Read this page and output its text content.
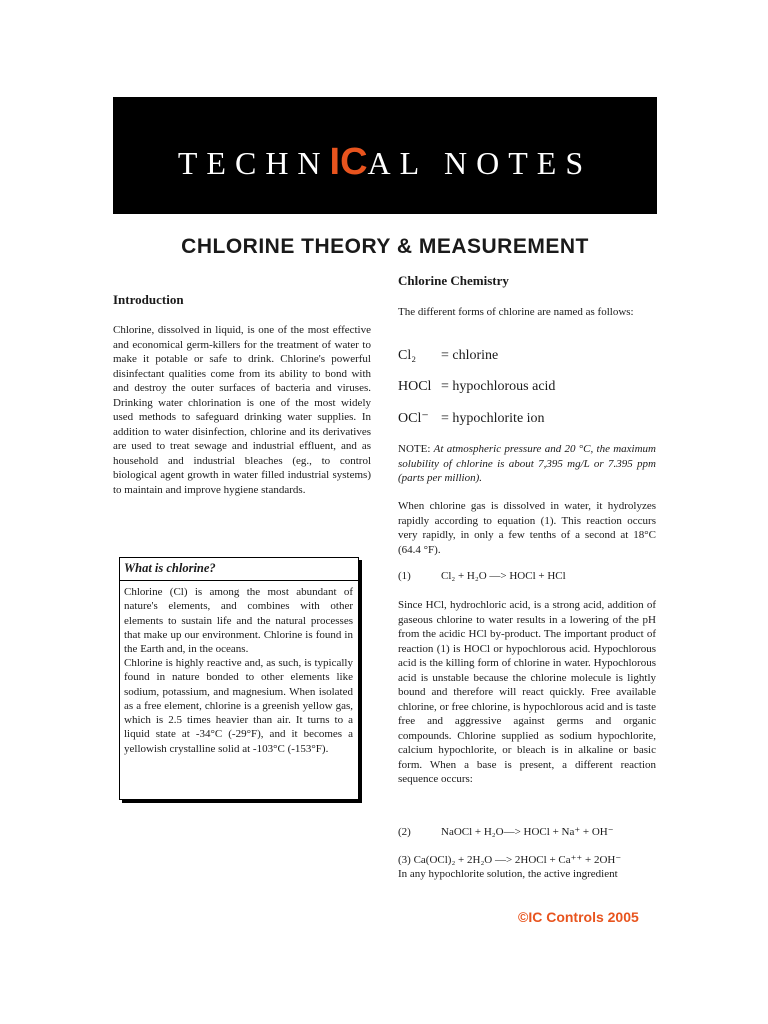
TECHNICAL NOTES
Issue 8-2
CHLORINE THEORY & MEASUREMENT
Introduction
Chlorine, dissolved in liquid, is one of the most effective and economical germ-killers for the treatment of water to make it potable or safe to drink. Chlorine's powerful disinfectant qualities come from its ability to bond with and destroy the outer surfaces of bacteria and viruses. Drinking water chlorination is one of the most widely used methods to safeguard drinking water supplies. In addition to water disinfection, chlorine and its derivatives are used to treat sewage and industrial effluent, and as household and industrial bleaches (eg., to control biological agent growth in water filled industrial systems) to maintain and improve hygiene standards.
What is chlorine?
Chlorine (Cl) is among the most abundant of nature's elements, and combines with other elements to sustain life and the natural processes that make up our environment. Chlorine is found in the Earth and, in the oceans.
Chlorine is highly reactive and, as such, is typically found in nature bonded to other elements like sodium, potassium, and magnesium. When isolated as a free element, chlorine is a greenish yellow gas, which is 2.5 times heavier than air. It turns to a liquid state at -34°C (-29°F), and it becomes a yellowish crystalline solid at -103°C (-153°F).
Chlorine Chemistry
The different forms of chlorine are named as follows:
Cl₂ = chlorine
HOCl = hypochlorous acid
OCl⁻ = hypochlorite ion
NOTE: At atmospheric pressure and 20 °C, the maximum solubility of chlorine is about 7,395 mg/L or 7.395 ppm (parts per million).
When chlorine gas is dissolved in water, it hydrolyzes rapidly according to equation (1). This reaction occurs very rapidly, in only a few tenths of a second at 18°C (64.4 °F).
(1)	Cl₂ + H₂O —> HOCl + HCl
Since HCl, hydrochloric acid, is a strong acid, addition of gaseous chlorine to water results in a lowering of the pH from the acidic HCl by-product. The important product of reaction (1) is HOCl or hypochlorous acid. Hypochlorous acid is the killing form of chlorine in water. Hypochlorous acid is unstable because the chlorine molecule is lightly bound and therefore will react quickly. Free available chlorine, or free chlorine, is hypochlorous acid and is taste free and aggressive against germs and organic compounds. Chlorine supplied as sodium hypochlorite, calcium hypochlorite, or bleach is in alkaline or basic form. When a base is present, a different reaction sequence occurs:
(2)	NaOCl + H₂O—> HOCl + Na⁺ + OH⁻
(3) Ca(OCl)₂ + 2H₂O —> 2HOCl + Ca⁺⁺ + 2OH⁻
In any hypochlorite solution, the active ingredient
©IC Controls 2005
